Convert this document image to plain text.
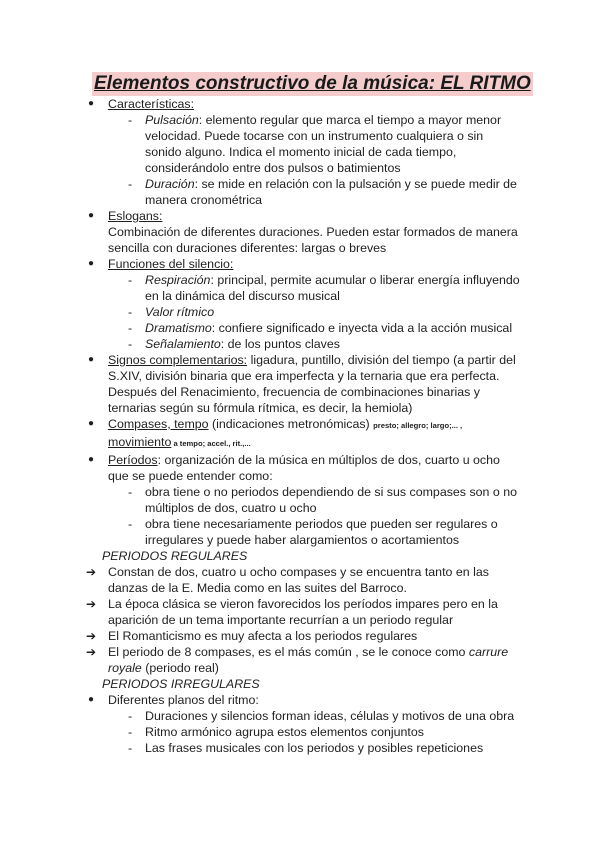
Elementos constructivo de la música: EL RITMO
● Características:
- Pulsación: elemento regular que marca el tiempo a mayor menor velocidad. Puede tocarse con un instrumento cualquiera o sin sonido alguno. Indica el momento inicial de cada tiempo, considerándolo entre dos pulsos o batimientos
- Duración: se mide en relación con la pulsación y se puede medir de manera cronométrica
● Eslogans:
Combinación de diferentes duraciones. Pueden estar formados de manera sencilla con duraciones diferentes: largas o breves
● Funciones del silencio:
- Respiración: principal, permite acumular o liberar energía influyendo en la dinámica del discurso musical
- Valor rítmico
- Dramatismo: confiere significado e inyecta vida a la acción musical
- Señalamiento: de los puntos claves
● Signos complementarios: ligadura, puntillo, división del tiempo (a partir del S.XIV, división binaria que era imperfecta y la ternaria que era perfecta. Después del Renacimiento, frecuencia de combinaciones binarias y ternarias según su fórmula rítmica, es decir, la hemiola)
● Compases, tempo (indicaciones metronómicas) presto; allegro; largo;... ,
movimiento a tempo; accel., rit.,...
● Períodos: organización de la música en múltiplos de dos, cuarto u ocho que se puede entender como:
- obra tiene o no periodos dependiendo de si sus compases son o no múltiplos de dos, cuatro u ocho
- obra tiene necesariamente periodos que pueden ser regulares o irregulares y puede haber alargamientos o acortamientos
PERIODOS REGULARES
➔ Constan de dos, cuatro u ocho compases y se encuentra tanto en las danzas de la E. Media como en las suites del Barroco.
➔ La época clásica se vieron favorecidos los períodos impares pero en la aparición de un tema importante recurrían a un periodo regular
➔ El Romanticismo es muy afecta a los periodos regulares
➔ El periodo de 8 compases, es el más común , se le conoce como carrure royale (periodo real)
PERIODOS IRREGULARES
● Diferentes planos del ritmo:
- Duraciones y silencios forman ideas, células y motivos de una obra
- Ritmo armónico agrupa estos elementos conjuntos
- Las frases musicales con los periodos y posibles repeticiones
